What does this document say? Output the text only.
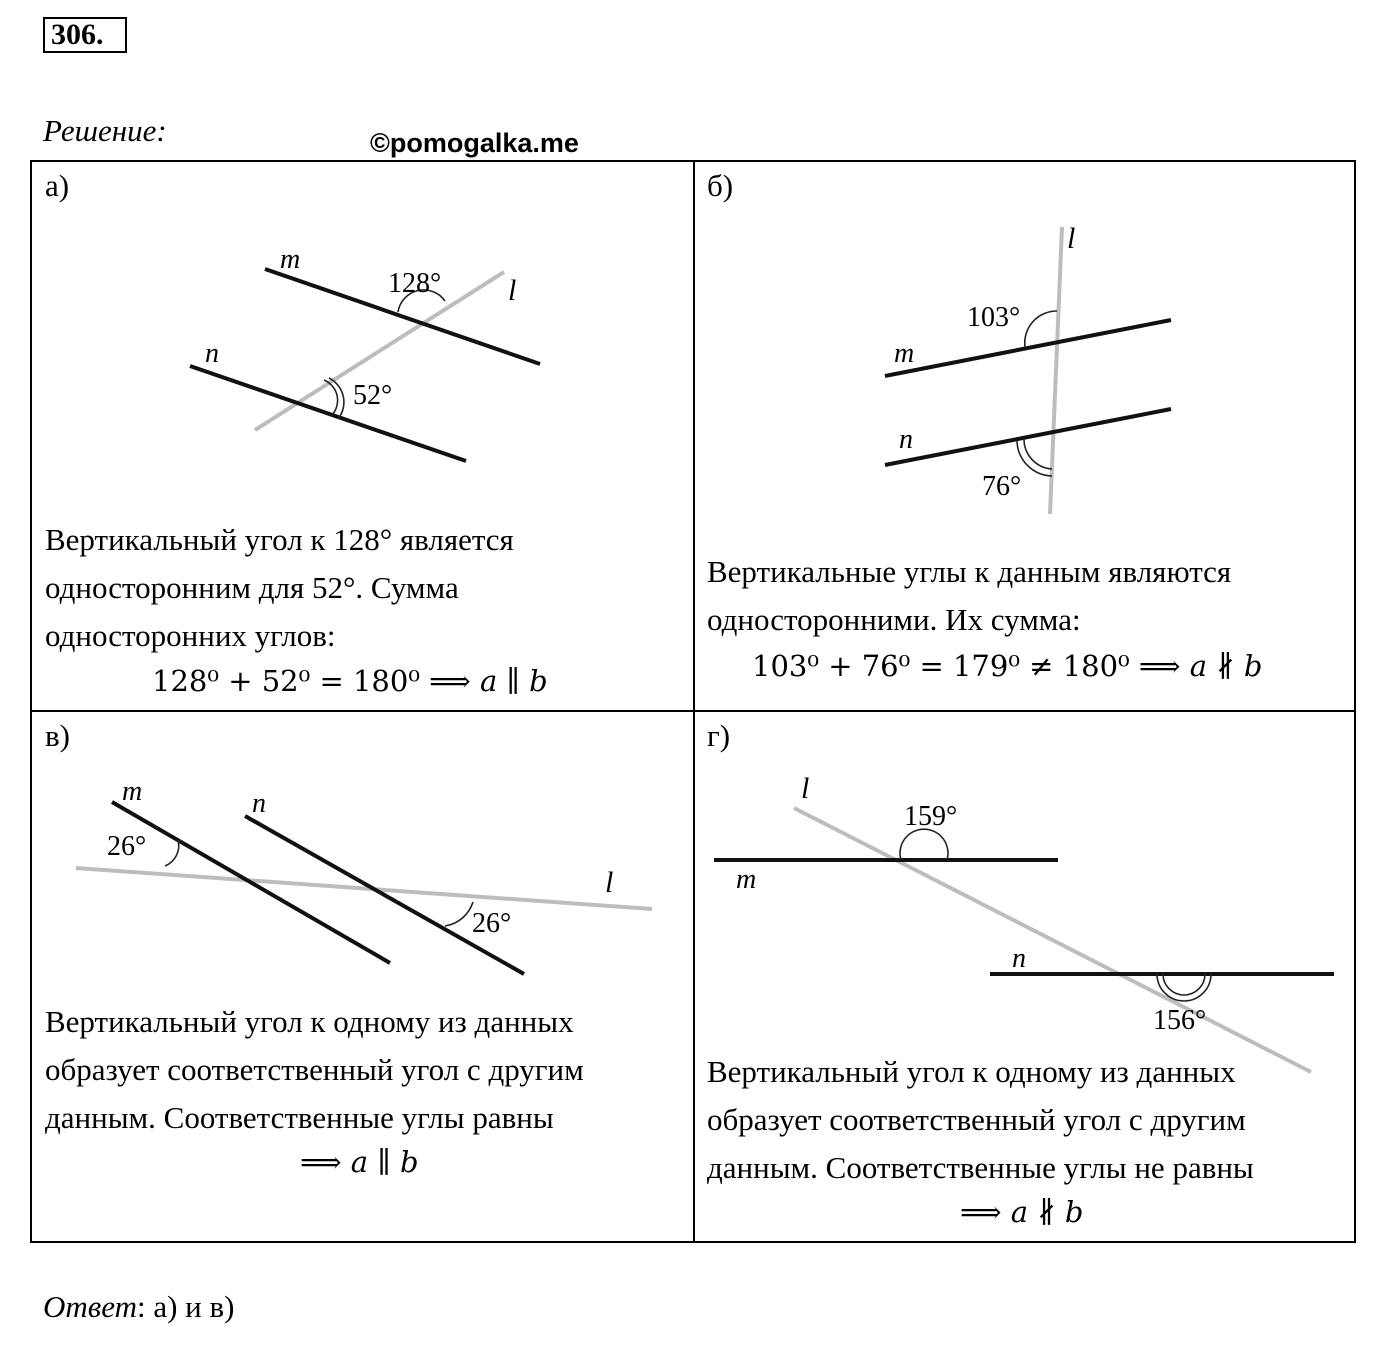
306.
Решение:	©pomogalka.me
а)
m
n
l
128°
52°
Вертикальный угол к 128° является односторонним для 52°. Сумма односторонних углов:
128⁰ + 52⁰ = 180⁰ ⟹ a ∥ b
б)
l
m
n
103°
76°
Вертикальные углы к данным являются односторонними. Их сумма:
103⁰ + 76⁰ = 179⁰ ≠ 180⁰ ⟹ a ∦ b
в)
m	n
l
26°
26°
Вертикальный угол к одному из данных образует соответственный угол с другим данным. Соответственные углы равны
⟹ a ∥ b
г)
l
m
n
159°
156°
Вертикальный угол к одному из данных образует соответственный угол с другим данным. Соответственные углы не равны
⟹ a ∦ b
Ответ: а) и в)
